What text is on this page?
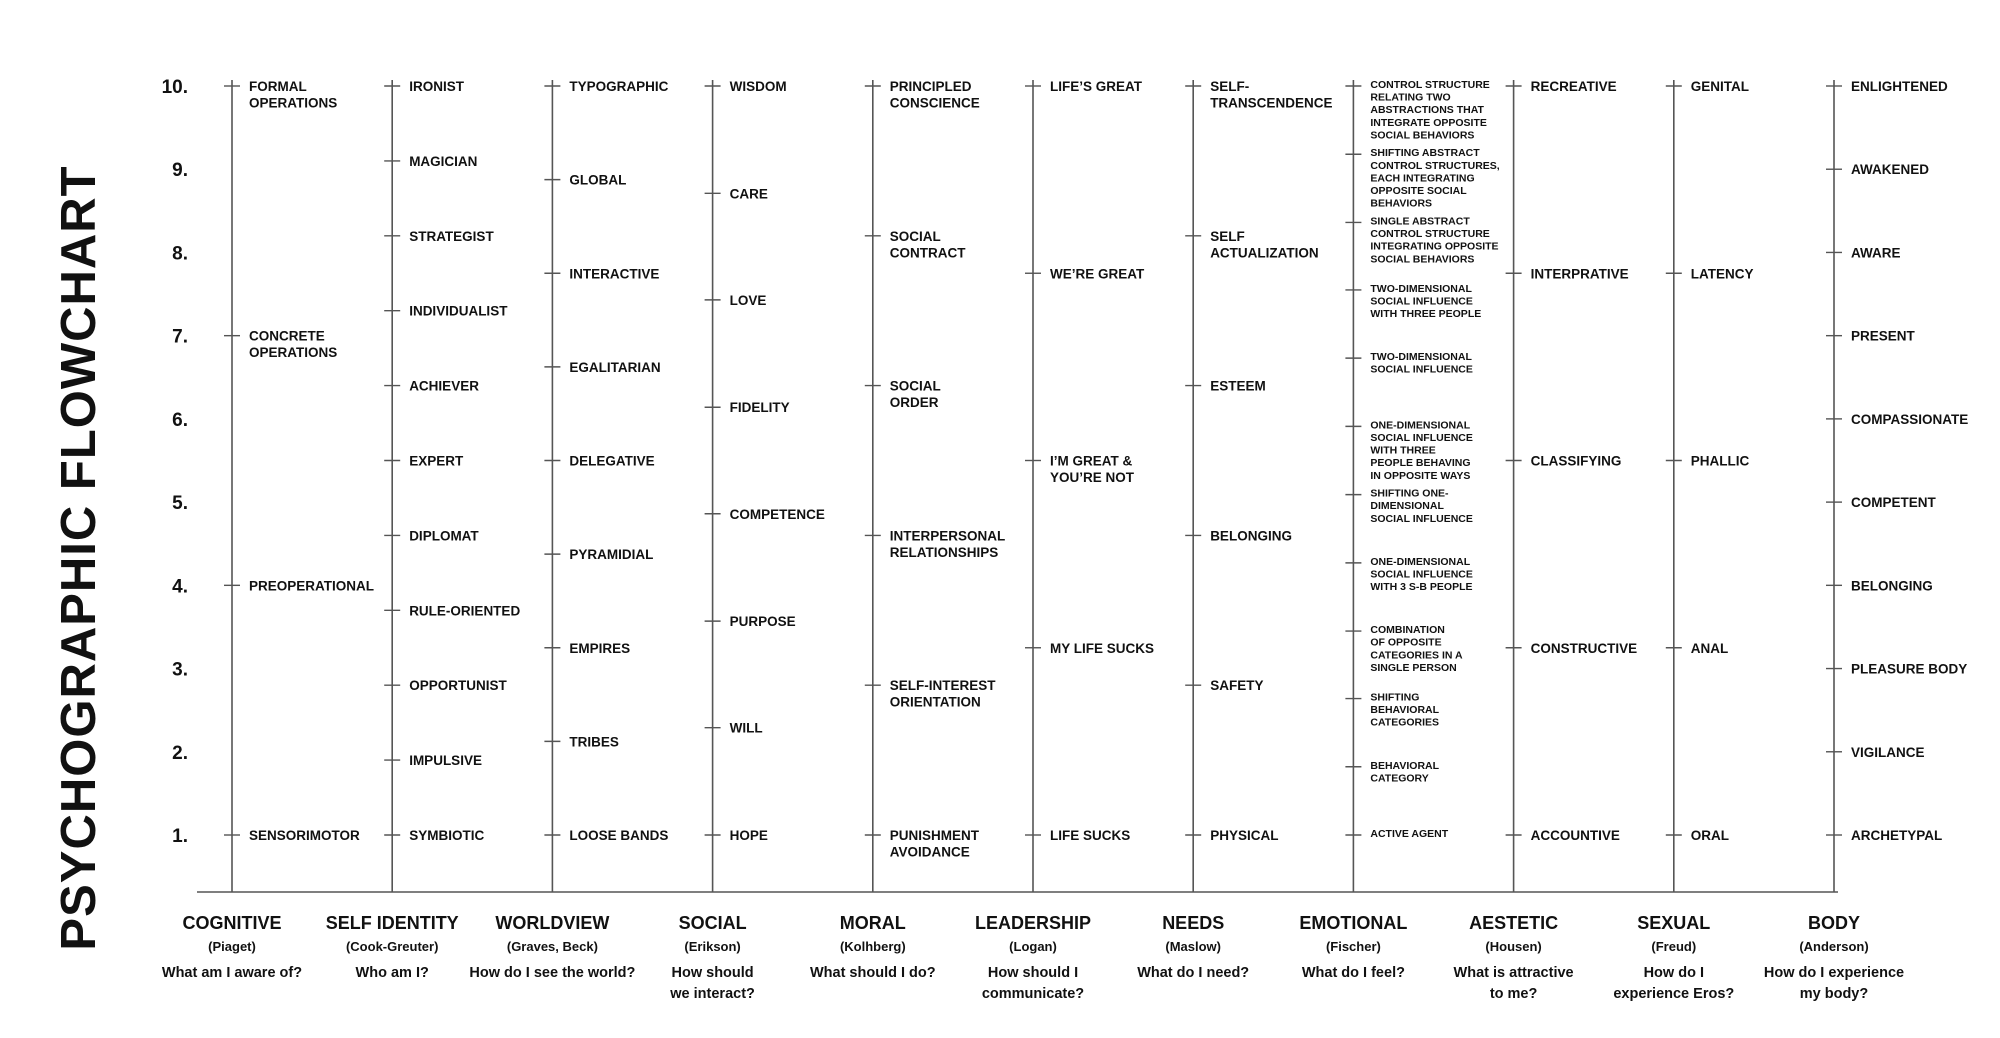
PSYCHOGRAPHIC FLOWCHART
10.
9.
8.
7.
6.
5.
4.
3.
2.
1.
FORMAL OPERATIONS
CONCRETE OPERATIONS
PREOPERATIONAL
SENSORIMOTOR
COGNITIVE
(Piaget)
What am I aware of?
IRONIST
MAGICIAN
STRATEGIST
INDIVIDUALIST
ACHIEVER
EXPERT
DIPLOMAT
RULE-ORIENTED
OPPORTUNIST
IMPULSIVE
SYMBIOTIC
SELF IDENTITY
(Cook-Greuter)
Who am I?
TYPOGRAPHIC
GLOBAL
INTERACTIVE
EGALITARIAN
DELEGATIVE
PYRAMIDIAL
EMPIRES
TRIBES
LOOSE BANDS
WORLDVIEW
(Graves, Beck)
How do I see the world?
WISDOM
CARE
LOVE
FIDELITY
COMPETENCE
PURPOSE
WILL
HOPE
SOCIAL
(Erikson)
How should we interact?
PRINCIPLED CONSCIENCE
SOCIAL CONTRACT
SOCIAL ORDER
INTERPERSONAL RELATIONSHIPS
SELF-INTEREST ORIENTATION
PUNISHMENT AVOIDANCE
MORAL
(Kolhberg)
What should I do?
LIFE’S GREAT
WE’RE GREAT
I’M GREAT & YOU’RE NOT
MY LIFE SUCKS
LIFE SUCKS
LEADERSHIP
(Logan)
How should I communicate?
SELF-TRANSCENDENCE
SELF ACTUALIZATION
ESTEEM
BELONGING
SAFETY
PHYSICAL
NEEDS
(Maslow)
What do I need?
CONTROL STRUCTURE RELATING TWO ABSTRACTIONS THAT INTEGRATE OPPOSITE SOCIAL BEHAVIORS
SHIFTING ABSTRACT CONTROL STRUCTURES, EACH INTEGRATING OPPOSITE SOCIAL BEHAVIORS
SINGLE ABSTRACT CONTROL STRUCTURE INTEGRATING OPPOSITE SOCIAL BEHAVIORS
TWO-DIMENSIONAL SOCIAL INFLUENCE WITH THREE PEOPLE
TWO-DIMENSIONAL SOCIAL INFLUENCE
ONE-DIMENSIONAL SOCIAL INFLUENCE WITH THREE PEOPLE BEHAVING IN OPPOSITE WAYS
SHIFTING ONE-DIMENSIONAL SOCIAL INFLUENCE
ONE-DIMENSIONAL SOCIAL INFLUENCE WITH 3 S-B PEOPLE
COMBINATION OF OPPOSITE CATEGORIES IN A SINGLE PERSON
SHIFTING BEHAVIORAL CATEGORIES
BEHAVIORAL CATEGORY
ACTIVE AGENT
EMOTIONAL
(Fischer)
What do I feel?
RECREATIVE
INTERPRATIVE
CLASSIFYING
CONSTRUCTIVE
ACCOUNTIVE
AESTETIC
(Housen)
What is attractive to me?
GENITAL
LATENCY
PHALLIC
ANAL
ORAL
SEXUAL
(Freud)
How do I experience Eros?
ENLIGHTENED
AWAKENED
AWARE
PRESENT
COMPASSIONATE
COMPETENT
BELONGING
PLEASURE BODY
VIGILANCE
ARCHETYPAL
BODY
(Anderson)
How do I experience my body?
